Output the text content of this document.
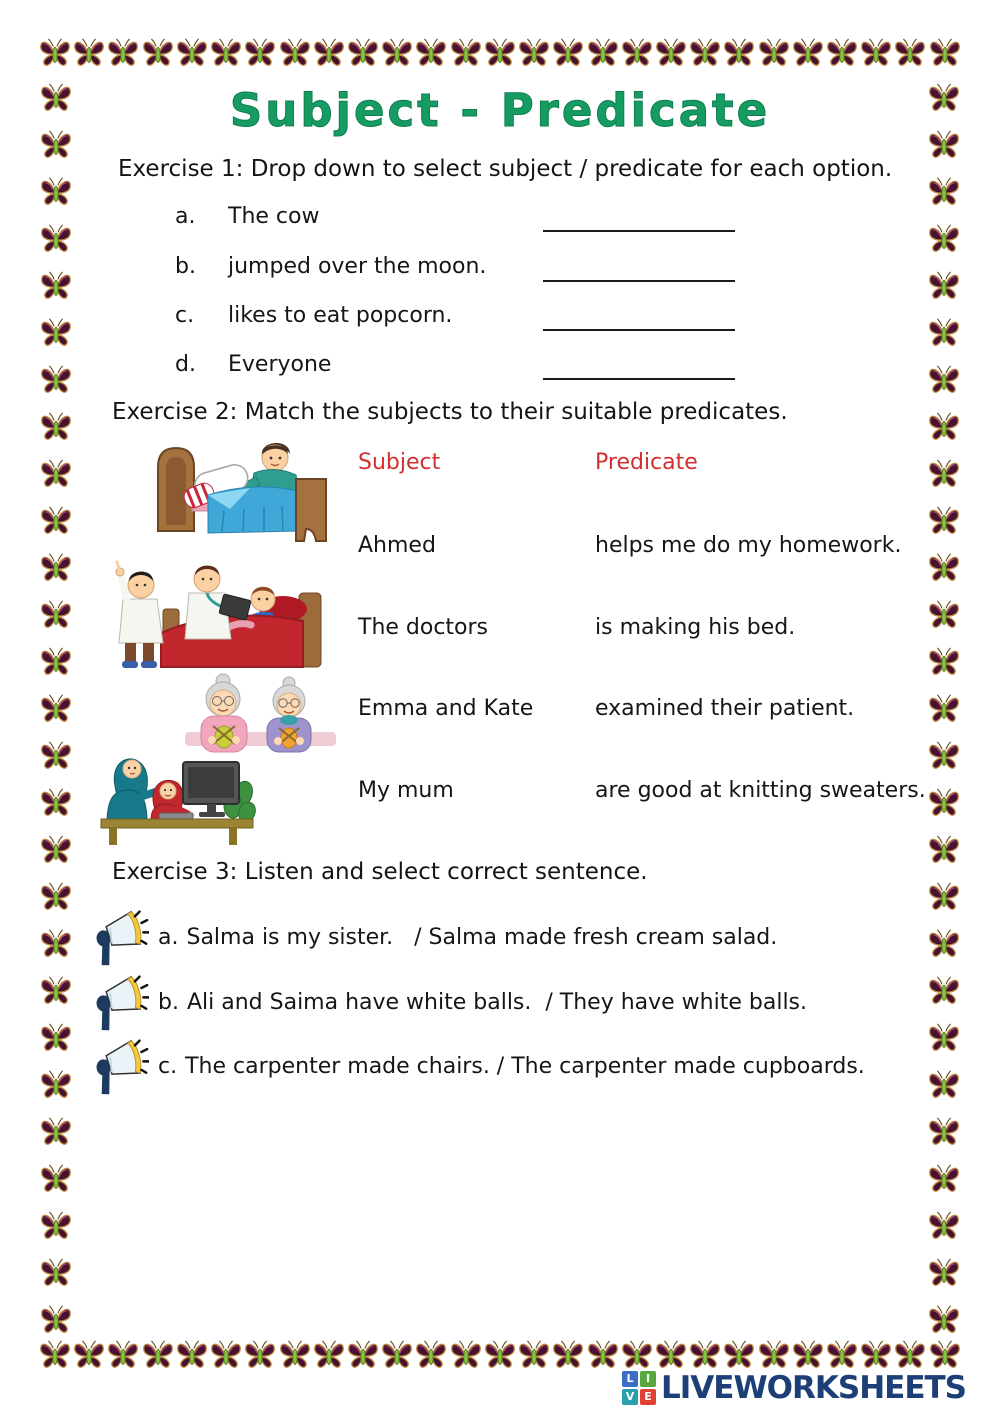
Subject - Predicate
Exercise 1: Drop down to select subject / predicate for each option.
a. The cow
b. jumped over the moon.
c. likes to eat popcorn.
d. Everyone
Exercise 2: Match the subjects to their suitable predicates.
Subject	Predicate
Ahmed	helps me do my homework.
The doctors	is making his bed.
Emma and Kate	examined their patient.
My mum	are good at knitting sweaters.
Exercise 3: Listen and select correct sentence.
a. Salma is my sister.   / Salma made fresh cream salad.
b. Ali and Saima have white balls.  / They have white balls.
c. The carpenter made chairs. / The carpenter made cupboards.
L	I
V E LIVEWORKSHEETS
